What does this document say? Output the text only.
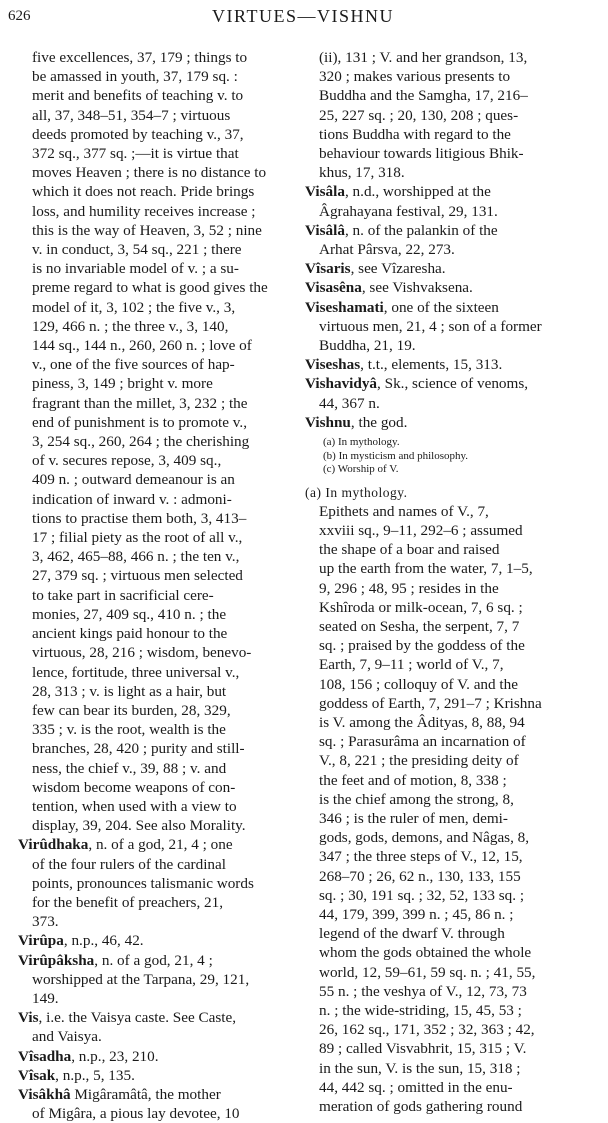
626	VIRTUES—VISHNU
five excellences, 37, 179 ; things to
be amassed in youth, 37, 179 sq. :
merit and benefits of teaching v. to
all, 37, 348–51, 354–7 ; virtuous
deeds promoted by teaching v., 37,
372 sq., 377 sq. ;—it is virtue that
moves Heaven ; there is no distance to
which it does not reach. Pride brings
loss, and humility receives increase ;
this is the way of Heaven, 3, 52 ; nine
v. in conduct, 3, 54 sq., 221 ; there
is no invariable model of v. ; a su-
preme regard to what is good gives the
model of it, 3, 102 ; the five v., 3,
129, 466 n. ; the three v., 3, 140,
144 sq., 144 n., 260, 260 n. ; love of
v., one of the five sources of hap-
piness, 3, 149 ; bright v. more
fragrant than the millet, 3, 232 ; the
end of punishment is to promote v.,
3, 254 sq., 260, 264 ; the cherishing
of v. secures repose, 3, 409 sq.,
409 n. ; outward demeanour is an
indication of inward v. : admoni-
tions to practise them both, 3, 413–
17 ; filial piety as the root of all v.,
3, 462, 465–88, 466 n. ; the ten v.,
27, 379 sq. ; virtuous men selected
to take part in sacrificial cere-
monies, 27, 409 sq., 410 n. ; the
ancient kings paid honour to the
virtuous, 28, 216 ; wisdom, benevo-
lence, fortitude, three universal v.,
28, 313 ; v. is light as a hair, but
few can bear its burden, 28, 329,
335 ; v. is the root, wealth is the
branches, 28, 420 ; purity and still-
ness, the chief v., 39, 88 ; v. and
wisdom become weapons of con-
tention, when used with a view to
display, 39, 204. See also Morality.
Virûdhaka, n. of a god, 21, 4 ; one
of the four rulers of the cardinal
points, pronounces talismanic words
for the benefit of preachers, 21,
373.
Virûpa, n.p., 46, 42.
Virûpâksha, n. of a god, 21, 4 ;
worshipped at the Tarpana, 29, 121,
149.
Vis, i.e. the Vaisya caste. See Caste,
and Vaisya.
Vîsadha, n.p., 23, 210.
Vîsak, n.p., 5, 135.
Visâkhâ Migâramâtâ, the mother
of Migâra, a pious lay devotee, 10
(ii), 131 ; V. and her grandson, 13,
320 ; makes various presents to
Buddha and the Samgha, 17, 216–
25, 227 sq. ; 20, 130, 208 ; ques-
tions Buddha with regard to the
behaviour towards litigious Bhik-
khus, 17, 318.
Visâla, n.d., worshipped at the
Âgrahayana festival, 29, 131.
Visâlâ, n. of the palankin of the
Arhat Pârsva, 22, 273.
Vîsaris, see Vîzaresha.
Visasêna, see Vishvaksena.
Viseshamati, one of the sixteen
virtuous men, 21, 4 ; son of a former
Buddha, 21, 19.
Viseshas, t.t., elements, 15, 313.
Vishavidyâ, Sk., science of venoms,
44, 367 n.
Vishnu, the god.
(a) In mythology.
(b) In mysticism and philosophy.
(c) Worship of V.
(a) In mythology.
Epithets and names of V., 7,
xxviii sq., 9–11, 292–6 ; assumed
the shape of a boar and raised
up the earth from the water, 7, 1–5,
9, 296 ; 48, 95 ; resides in the
Kshîroda or milk-ocean, 7, 6 sq. ;
seated on Sesha, the serpent, 7, 7
sq. ; praised by the goddess of the
Earth, 7, 9–11 ; world of V., 7,
108, 156 ; colloquy of V. and the
goddess of Earth, 7, 291–7 ; Krishna
is V. among the Âdityas, 8, 88, 94
sq. ; Parasurâma an incarnation of
V., 8, 221 ; the presiding deity of
the feet and of motion, 8, 338 ;
is the chief among the strong, 8,
346 ; is the ruler of men, demi-
gods, gods, demons, and Nâgas, 8,
347 ; the three steps of V., 12, 15,
268–70 ; 26, 62 n., 130, 133, 155
sq. ; 30, 191 sq. ; 32, 52, 133 sq. ;
44, 179, 399, 399 n. ; 45, 86 n. ;
legend of the dwarf V. through
whom the gods obtained the whole
world, 12, 59–61, 59 sq. n. ; 41, 55,
55 n. ; the veshya of V., 12, 73, 73
n. ; the wide-striding, 15, 45, 53 ;
26, 162 sq., 171, 352 ; 32, 363 ; 42,
89 ; called Visvabhrit, 15, 315 ; V.
in the sun, V. is the sun, 15, 318 ;
44, 442 sq. ; omitted in the enu-
meration of gods gathering round
